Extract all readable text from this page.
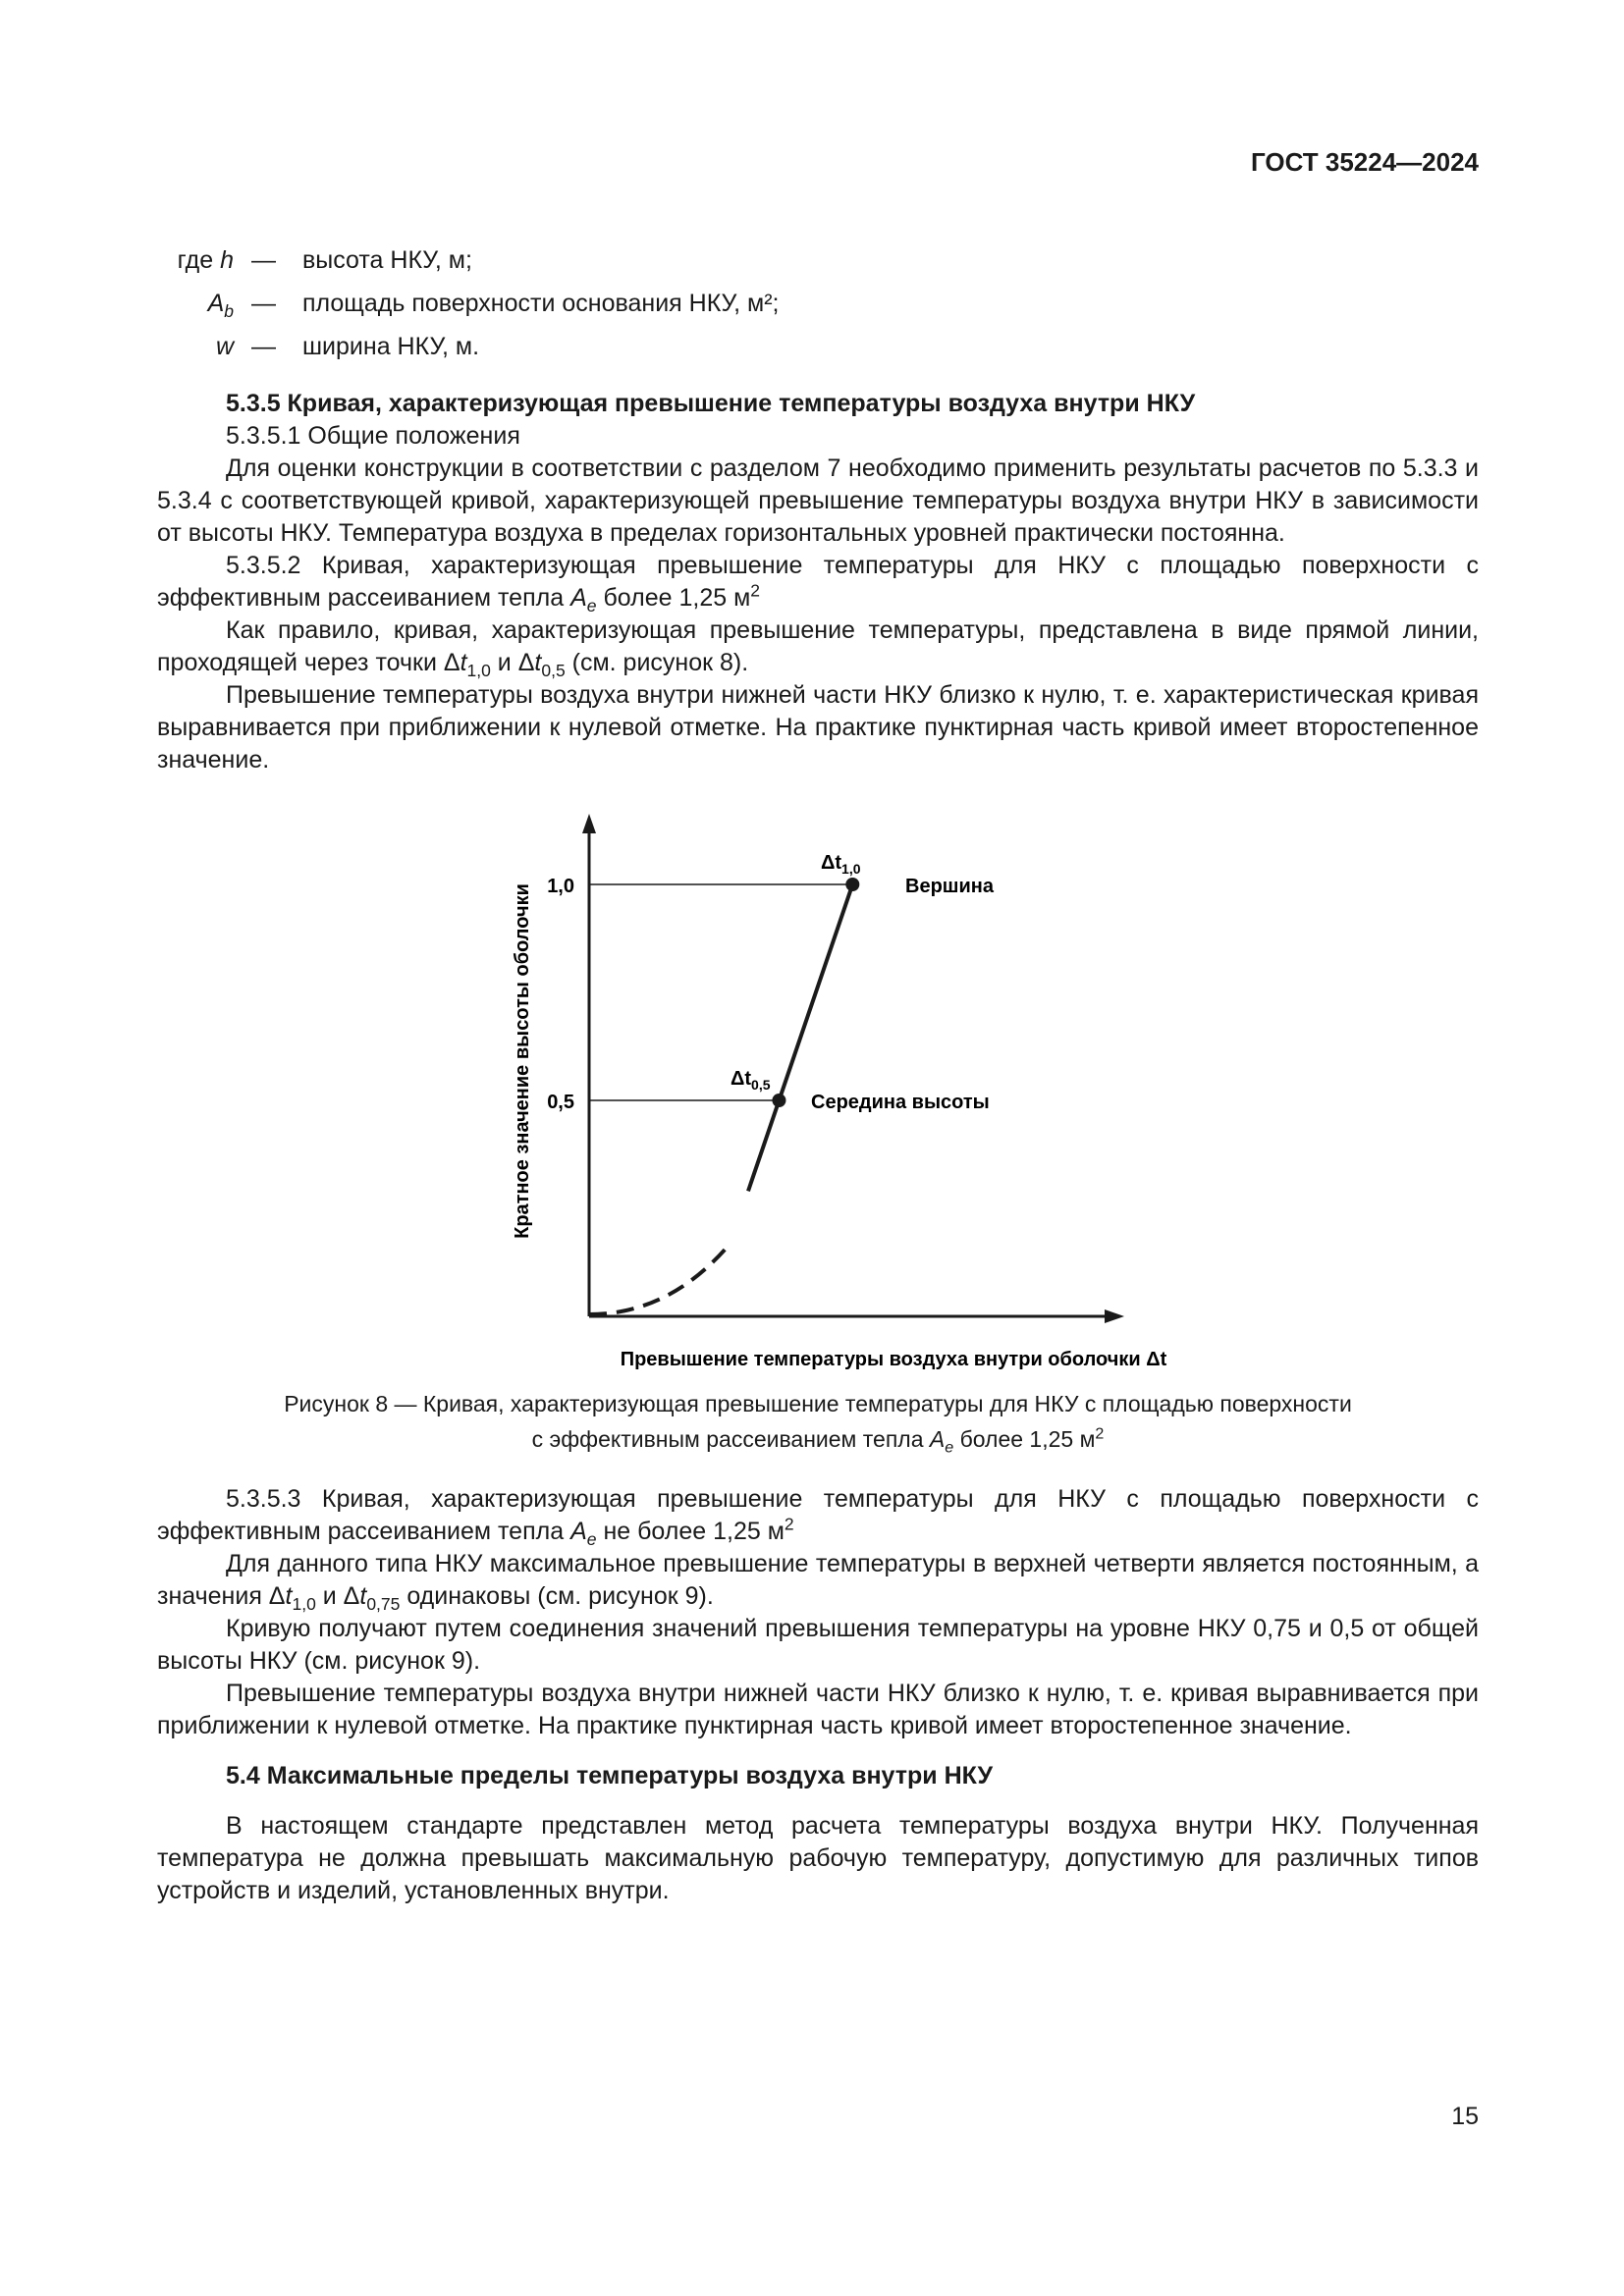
ГОСТ 35224—2024
где h — высота НКУ, м;
$A_b$ — площадь поверхности основания НКУ, м²;
w — ширина НКУ, м.
5.3.5 Кривая, характеризующая превышение температуры воздуха внутри НКУ

5.3.5.1 Общие положения

Для оценки конструкции в соответствии с разделом 7 необходимо применить результаты расчетов по 5.3.3 и 5.3.4 с соответствующей кривой, характеризующей превышение температуры воздуха внутри НКУ в зависимости от высоты НКУ. Температура воздуха в пределах горизонтальных уровней практически постоянна.

5.3.5.2 Кривая, характеризующая превышение температуры для НКУ с площадью поверхности с эффективным рассеиванием тепла $A_e$ более 1,25 $м^2$

Как правило, кривая, характеризующая превышение температуры, представлена в виде прямой линии, проходящей через точки $\Delta t_{1,0}$ и $\Delta t_{0,5}$ (см. рисунок 8).

Превышение температуры воздуха внутри нижней части НКУ близко к нулю, т. е. характеристическая кривая выравнивается при приближении к нулевой отметке. На практике пунктирная часть кривой имеет второстепенное значение.

1,0
0,5
$\Delta t_{1,0}$
$\Delta t_{0,5}$
Вершина
Середина высоты
Кратное значение высоты оболочки
Превышение температуры воздуха внутри оболочки Δt
Рисунок 8 — Кривая, характеризующая превышение температуры для НКУ с площадью поверхности
с эффективным рассеиванием тепла $A_e$ более 1,25 $м^2$

5.3.5.3 Кривая, характеризующая превышение температуры для НКУ с площадью поверхности с эффективным рассеиванием тепла $A_e$ не более 1,25 $м^2$

Для данного типа НКУ максимальное превышение температуры в верхней четверти является постоянным, а значения $\Delta t_{1,0}$ и $\Delta t_{0,75}$ одинаковы (см. рисунок 9).

Кривую получают путем соединения значений превышения температуры на уровне НКУ 0,75 и 0,5 от общей высоты НКУ (см. рисунок 9).

Превышение температуры воздуха внутри нижней части НКУ близко к нулю, т. е. кривая выравнивается при приближении к нулевой отметке. На практике пунктирная часть кривой имеет второстепенное значение.

5.4 Максимальные пределы температуры воздуха внутри НКУ

В настоящем стандарте представлен метод расчета температуры воздуха внутри НКУ. Полученная температура не должна превышать максимальную рабочую температуру, допустимую для различных типов устройств и изделий, установленных внутри.

15
